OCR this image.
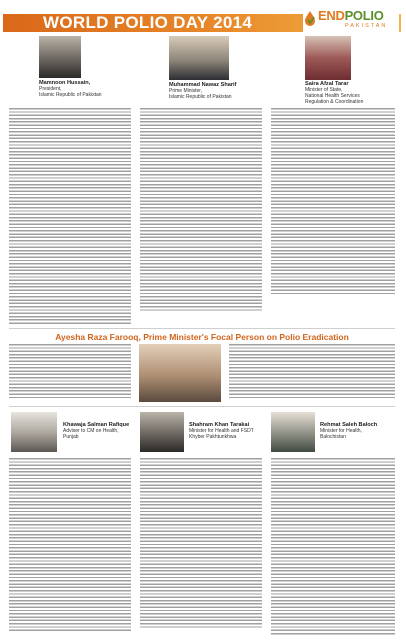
WORLD POLIO DAY 2014	ENDPOLIO
PAKISTAN
Mamnoon Hussain,
President,
Islamic Republic of Pakistan
Muhammad Nawaz Sharif
Prime Minister,
Islamic Republic of Pakistan
Saira Afzal Tarar
Minister of State,
National Health Services
Regulation & Coordination
Ayesha Raza Farooq, Prime Minister's Focal Person on Polio Eradication
Khawaja Salman Rafique
Adviser to CM on Health,
Punjab
Shahram Khan Tarakai
Minister for Health and FSDT
Khyber Pakhtunkhwa
Rehmat Saleh Baloch
Minister for Health,
Balochistan
